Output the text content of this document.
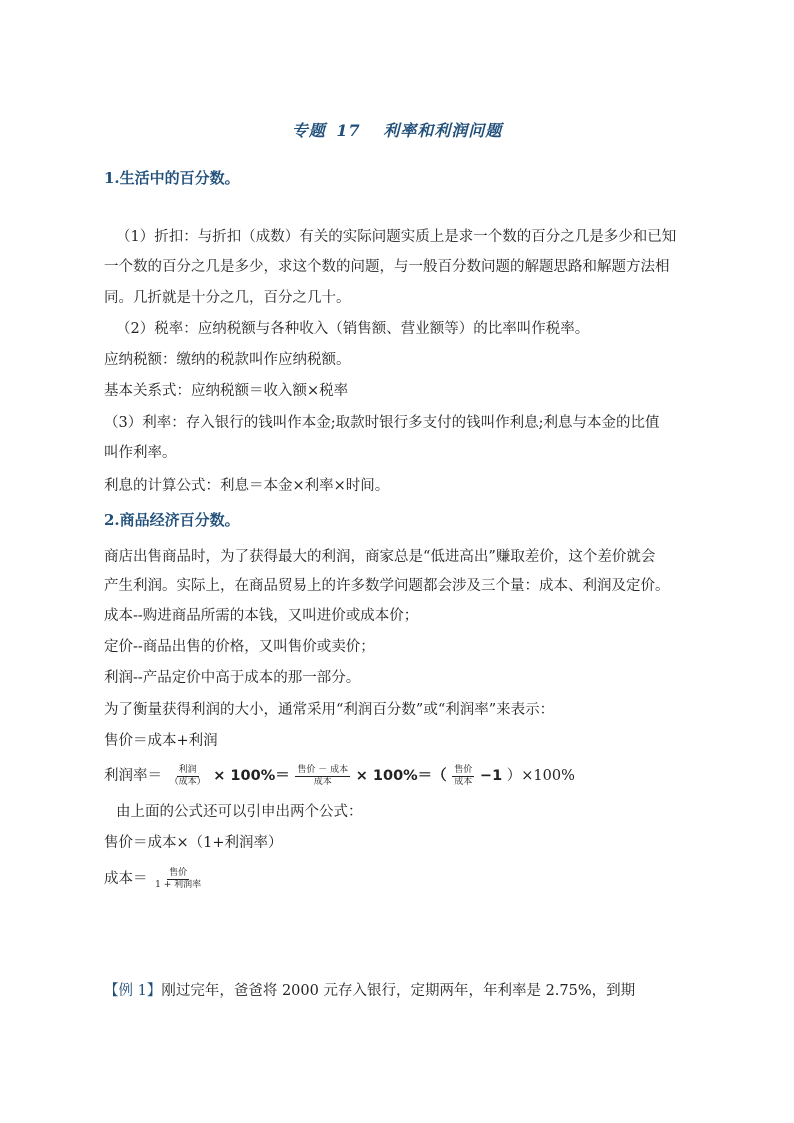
专题 17 利率和利润问题
1.生活中的百分数。
（1）折扣：与折扣（成数）有关的实际问题实质上是求一个数的百分之几是多少和已知
一个数的百分之几是多少，求这个数的问题，与一般百分数问题的解题思路和解题方法相
同。几折就是十分之几，百分之几十。
（2）税率：应纳税额与各种收入（销售额、营业额等）的比率叫作税率。
应纳税额：缴纳的税款叫作应纳税额。
基本关系式：应纳税额＝收入额×税率
（3）利率：存入银行的钱叫作本金;取款时银行多支付的钱叫作利息;利息与本金的比值
叫作利率。
利息的计算公式：利息＝本金×利率×时间。
2.商品经济百分数。
商店出售商品时，为了获得最大的利润，商家总是“低进高出”赚取差价，这个差价就会
产生利润。实际上，在商品贸易上的许多数学问题都会涉及三个量：成本、利润及定价。
成本--购进商品所需的本钱，又叫进价或成本价；
定价--商品出售的价格，又叫售价或卖价；
利润--产品定价中高于成本的那一部分。
为了衡量获得利润的大小，通常采用“利润百分数”或“利润率”来表示：
售价＝成本+利润
利润率＝ $\frac{\text{利润}}{\text{（成本）}} \times 100\%= \frac{\text{售价 － 成本}}{\text{成本}} \times 100\%=( \frac{\text{售价}}{\text{成本}} -1$ ）×100%
由上面的公式还可以引申出两个公式：
售价＝成本×（1+利润率）
成本＝ $\frac{\text{售价}}{\text{1 + 利润率}}$
【例 1】刚过完年，爸爸将 2000 元存入银行，定期两年，年利率是 2.75%，到期
